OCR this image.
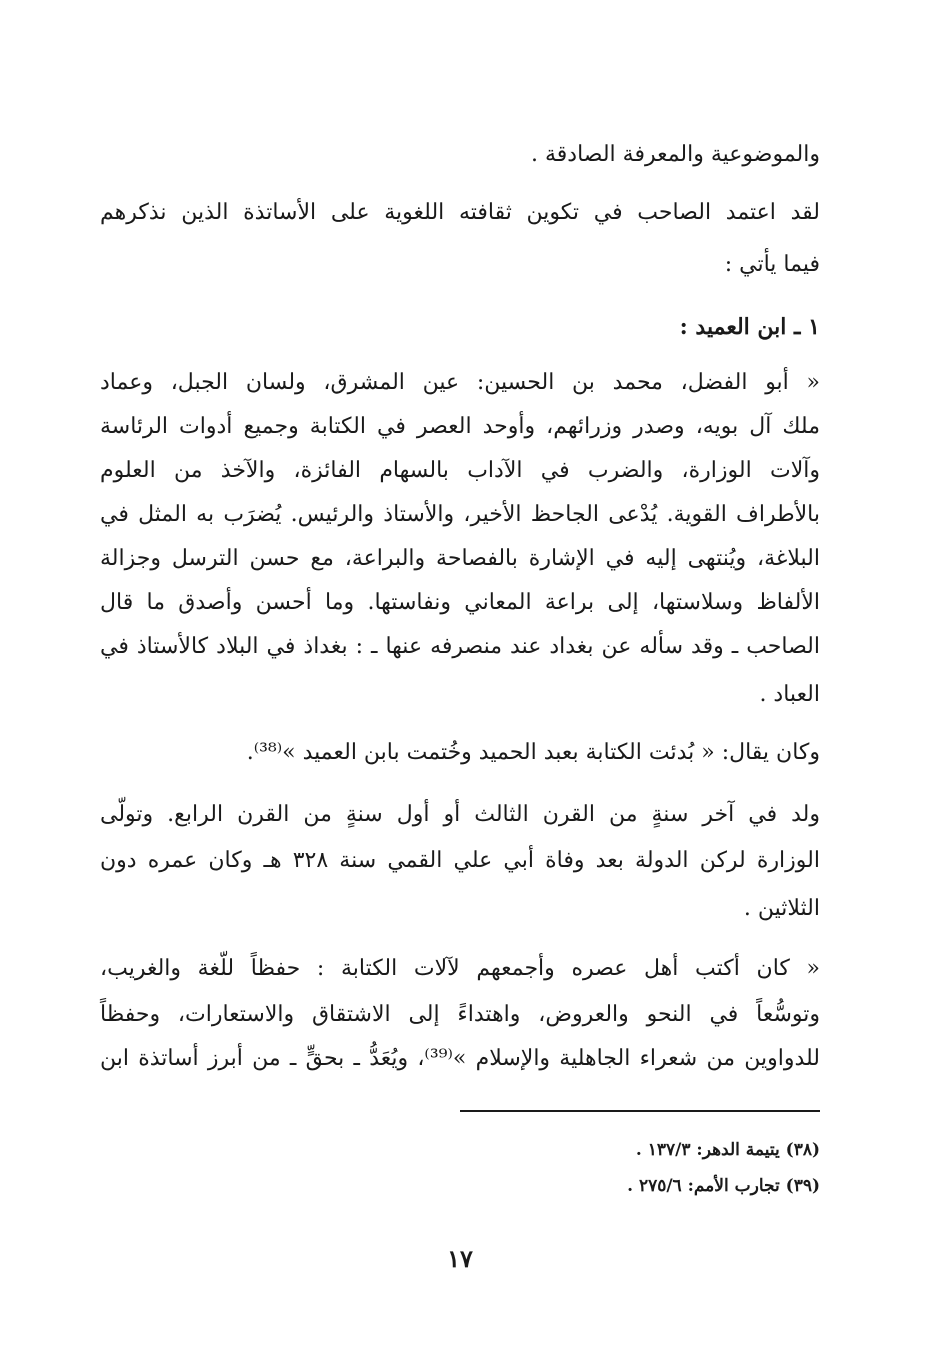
والموضوعية والمعرفة الصادقة .
لقد اعتمد الصاحب في تكوين ثقافته اللغوية على الأساتذة الذين نذكرهم
فيما يأتي :
١ ـ ابن العميد :
« أبو الفضل، محمد بن الحسين: عين المشرق، ولسان الجبل، وعماد
ملك آل بويه، وصدر وزرائهم، وأوحد العصر في الكتابة وجميع أدوات الرئاسة
وآلات الوزارة، والضرب في الآداب بالسهام الفائزة، والآخذ من العلوم
بالأطراف القوية. يُدْعى الجاحظ الأخير، والأستاذ والرئيس. يُضرَب به المثل في
البلاغة، ويُنتهى إليه في الإشارة بالفصاحة والبراعة، مع حسن الترسل وجزالة
الألفاظ وسلاستها، إلى براعة المعاني ونفاستها. وما أحسن وأصدق ما قال
الصاحب ـ وقد سأله عن بغداد عند منصرفه عنها ـ : بغداذ في البلاد كالأستاذ في
العباد .
وكان يقال: « بُدئت الكتابة بعبد الحميد وخُتمت بابن العميد »⁽³⁸⁾.
ولد في آخر سنةٍ من القرن الثالث أو أول سنةٍ من القرن الرابع. وتولّى
الوزارة لركن الدولة بعد وفاة أبي علي القمي سنة ٣٢٨ هـ وكان عمره دون
الثلاثين .
« كان أكتب أهل عصره وأجمعهم لآلات الكتابة : حفظاً للّغة والغريب،
وتوسُّعاً في النحو والعروض، واهتداءً إلى الاشتقاق والاستعارات، وحفظاً
للدواوين من شعراء الجاهلية والإسلام »⁽³⁹⁾، ويُعَدُّ ـ بحقٍّ ـ من أبرز أساتذة ابن
(٣٨) يتيمة الدهر: ١٣٧/٣ .
(٣٩) تجارب الأمم: ٢٧٥/٦ .
١٧
